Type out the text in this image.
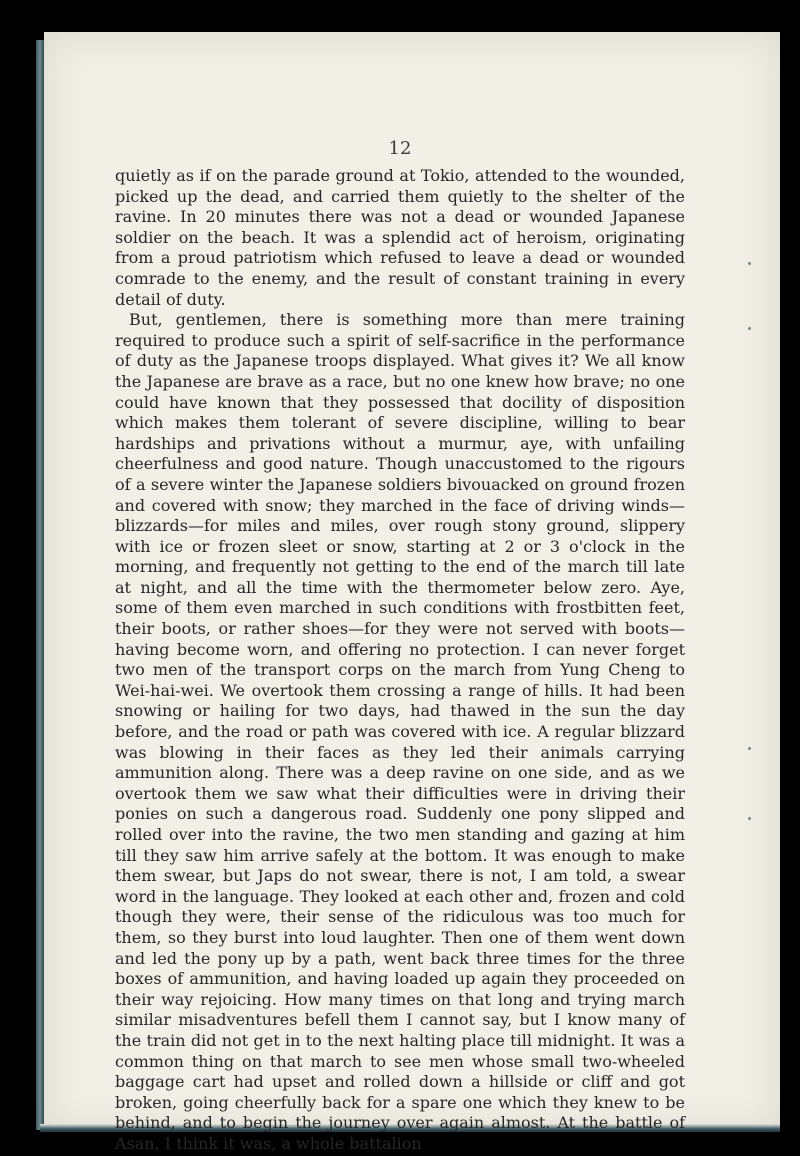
12

quietly as if on the parade ground at Tokio, attended to the wounded, picked up the dead, and carried them quietly to the shelter of the ravine. In 20 minutes there was not a dead or wounded Japanese soldier on the beach. It was a splendid act of heroism, originating from a proud patriotism which refused to leave a dead or wounded comrade to the enemy, and the result of constant training in every detail of duty.

But, gentlemen, there is something more than mere training required to produce such a spirit of self-sacrifice in the performance of duty as the Japanese troops displayed. What gives it? We all know the Japanese are brave as a race, but no one knew how brave; no one could have known that they possessed that docility of disposition which makes them tolerant of severe discipline, willing to bear hardships and privations without a murmur, aye, with unfailing cheerfulness and good nature. Though unaccustomed to the rigours of a severe winter the Japanese soldiers bivouacked on ground frozen and covered with snow; they marched in the face of driving winds—blizzards—for miles and miles, over rough stony ground, slippery with ice or frozen sleet or snow, starting at 2 or 3 o'clock in the morning, and frequently not getting to the end of the march till late at night, and all the time with the thermometer below zero. Aye, some of them even marched in such conditions with frostbitten feet, their boots, or rather shoes—for they were not served with boots—having become worn, and offering no protection. I can never forget two men of the transport corps on the march from Yung Cheng to Wei-hai-wei. We overtook them crossing a range of hills. It had been snowing or hailing for two days, had thawed in the sun the day before, and the road or path was covered with ice. A regular blizzard was blowing in their faces as they led their animals carrying ammunition along. There was a deep ravine on one side, and as we overtook them we saw what their difficulties were in driving their ponies on such a dangerous road. Suddenly one pony slipped and rolled over into the ravine, the two men standing and gazing at him till they saw him arrive safely at the bottom. It was enough to make them swear, but Japs do not swear, there is not, I am told, a swear word in the language. They looked at each other and, frozen and cold though they were, their sense of the ridiculous was too much for them, so they burst into loud laughter. Then one of them went down and led the pony up by a path, went back three times for the three boxes of ammunition, and having loaded up again they proceeded on their way rejoicing. How many times on that long and trying march similar misadventures befell them I cannot say, but I know many of the train did not get in to the next halting place till midnight. It was a common thing on that march to see men whose small two-wheeled baggage cart had upset and rolled down a hillside or cliff and got broken, going cheerfully back for a spare one which they knew to be behind, and to begin the journey over again almost. At the battle of Asan, I think it was, a whole battalion
